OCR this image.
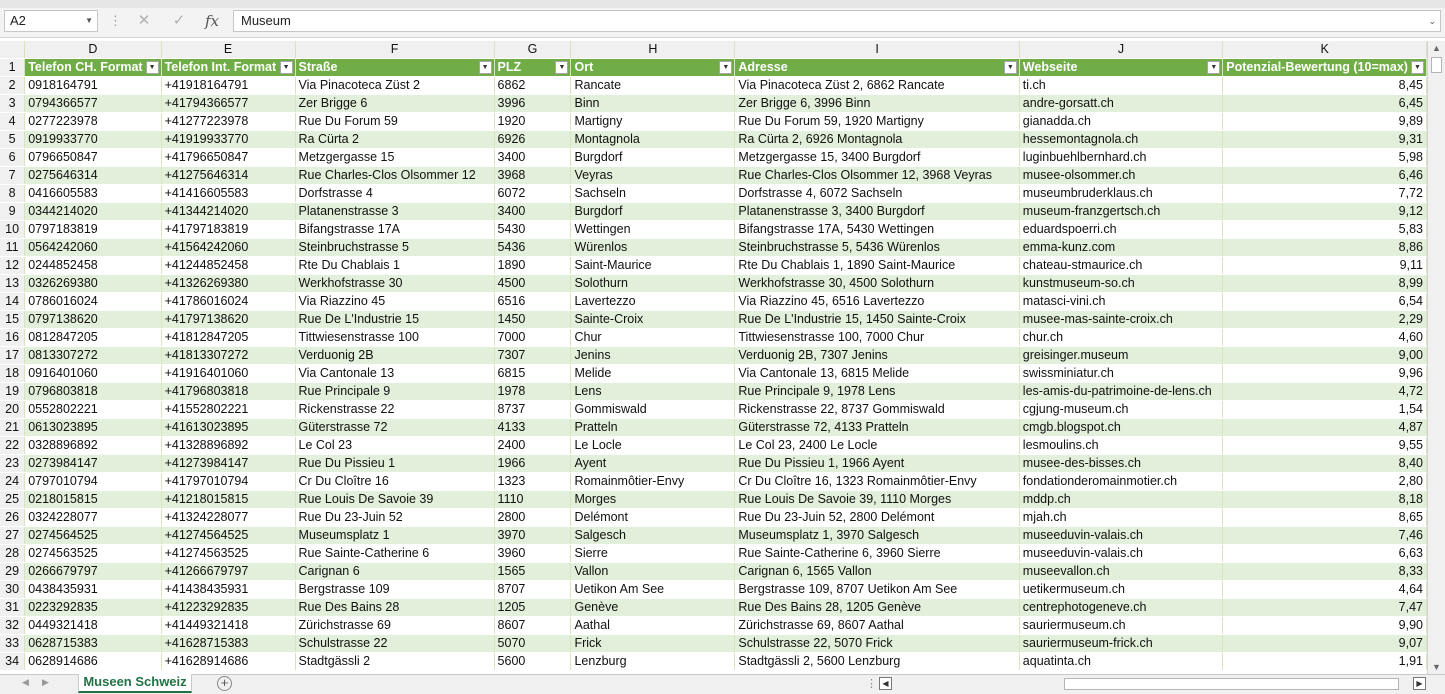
A2	▼ ⋮	✕	✓	fx	Museum	⌄
	D	E	F	G	H	I	J	K
1	Telefon CH. Format ▼	Telefon Int. Format ▼	Straße ▼	PLZ ▼	Ort ▼	Adresse ▼	Webseite ▼	Potenzial-Bewertung (10=max) ▼

2	0918164791	+41918164791	Via Pinacoteca Züst 2	6862	Rancate	Via Pinacoteca Züst 2, 6862 Rancate	ti.ch	8,45
3	0794366577	+41794366577	Zer Brigge 6	3996	Binn	Zer Brigge 6, 3996 Binn	andre-gorsatt.ch	6,45
4	0277223978	+41277223978	Rue Du Forum 59	1920	Martigny	Rue Du Forum 59, 1920 Martigny	gianadda.ch	9,89
5	0919933770	+41919933770	Ra Cürta 2	6926	Montagnola	Ra Cürta 2, 6926 Montagnola	hessemontagnola.ch	9,31
6	0796650847	+41796650847	Metzgergasse 15	3400	Burgdorf	Metzgergasse 15, 3400 Burgdorf	luginbuehlbernhard.ch	5,98
7	0275646314	+41275646314	Rue Charles-Clos Olsommer 12	3968	Veyras	Rue Charles-Clos Olsommer 12, 3968 Veyras	musee-olsommer.ch	6,46
8	0416605583	+41416605583	Dorfstrasse 4	6072	Sachseln	Dorfstrasse 4, 6072 Sachseln	museumbruderklaus.ch	7,72
9	0344214020	+41344214020	Platanenstrasse 3	3400	Burgdorf	Platanenstrasse 3, 3400 Burgdorf	museum-franzgertsch.ch	9,12
10	0797183819	+41797183819	Bifangstrasse 17A	5430	Wettingen	Bifangstrasse 17A, 5430 Wettingen	eduardspoerri.ch	5,83
11	0564242060	+41564242060	Steinbruchstrasse 5	5436	Würenlos	Steinbruchstrasse 5, 5436 Würenlos	emma-kunz.com	8,86
12	0244852458	+41244852458	Rte Du Chablais 1	1890	Saint-Maurice	Rte Du Chablais 1, 1890 Saint-Maurice	chateau-stmaurice.ch	9,11
13	0326269380	+41326269380	Werkhofstrasse 30	4500	Solothurn	Werkhofstrasse 30, 4500 Solothurn	kunstmuseum-so.ch	8,99
14	0786016024	+41786016024	Via Riazzino 45	6516	Lavertezzo	Via Riazzino 45, 6516 Lavertezzo	matasci-vini.ch	6,54
15	0797138620	+41797138620	Rue De L'Industrie 15	1450	Sainte-Croix	Rue De L'Industrie 15, 1450 Sainte-Croix	musee-mas-sainte-croix.ch	2,29
16	0812847205	+41812847205	Tittwiesenstrasse 100	7000	Chur	Tittwiesenstrasse 100, 7000 Chur	chur.ch	4,60
17	0813307272	+41813307272	Verduonig 2B	7307	Jenins	Verduonig 2B, 7307 Jenins	greisinger.museum	9,00
18	0916401060	+41916401060	Via Cantonale 13	6815	Melide	Via Cantonale 13, 6815 Melide	swissminiatur.ch	9,96
19	0796803818	+41796803818	Rue Principale 9	1978	Lens	Rue Principale 9, 1978 Lens	les-amis-du-patrimoine-de-lens.ch	4,72
20	0552802221	+41552802221	Rickenstrasse 22	8737	Gommiswald	Rickenstrasse 22, 8737 Gommiswald	cgjung-museum.ch	1,54
21	0613023895	+41613023895	Güterstrasse 72	4133	Pratteln	Güterstrasse 72, 4133 Pratteln	cmgb.blogspot.ch	4,87
22	0328896892	+41328896892	Le Col 23	2400	Le Locle	Le Col 23, 2400 Le Locle	lesmoulins.ch	9,55
23	0273984147	+41273984147	Rue Du Pissieu 1	1966	Ayent	Rue Du Pissieu 1, 1966 Ayent	musee-des-bisses.ch	8,40
24	0797010794	+41797010794	Cr Du Cloître 16	1323	Romainmôtier-Envy	Cr Du Cloître 16, 1323 Romainmôtier-Envy	fondationderomainmotier.ch	2,80
25	0218015815	+41218015815	Rue Louis De Savoie 39	1110	Morges	Rue Louis De Savoie 39, 1110 Morges	mddp.ch	8,18
26	0324228077	+41324228077	Rue Du 23-Juin 52	2800	Delémont	Rue Du 23-Juin 52, 2800 Delémont	mjah.ch	8,65
27	0274564525	+41274564525	Museumsplatz 1	3970	Salgesch	Museumsplatz 1, 3970 Salgesch	museeduvin-valais.ch	7,46
28	0274563525	+41274563525	Rue Sainte-Catherine 6	3960	Sierre	Rue Sainte-Catherine 6, 3960 Sierre	museeduvin-valais.ch	6,63
29	0266679797	+41266679797	Carignan 6	1565	Vallon	Carignan 6, 1565 Vallon	museevallon.ch	8,33
30	0438435931	+41438435931	Bergstrasse 109	8707	Uetikon Am See	Bergstrasse 109, 8707 Uetikon Am See	uetikermuseum.ch	4,64
31	0223292835	+41223292835	Rue Des Bains 28	1205	Genève	Rue Des Bains 28, 1205 Genève	centrephotogeneve.ch	7,47
32	0449321418	+41449321418	Zürichstrasse 69	8607	Aathal	Zürichstrasse 69, 8607 Aathal	sauriermuseum.ch	9,90
33	0628715383	+41628715383	Schulstrasse 22	5070	Frick	Schulstrasse 22, 5070 Frick	sauriermuseum-frick.ch	9,07
34	0628914686	+41628914686	Stadtgässli 2	5600	Lenzburg	Stadtgässli 2, 5600 Lenzburg	aquatinta.ch	1,91
▲
▼
◀ ▶	Museen Schweiz	+	⋮ ◀	▶
